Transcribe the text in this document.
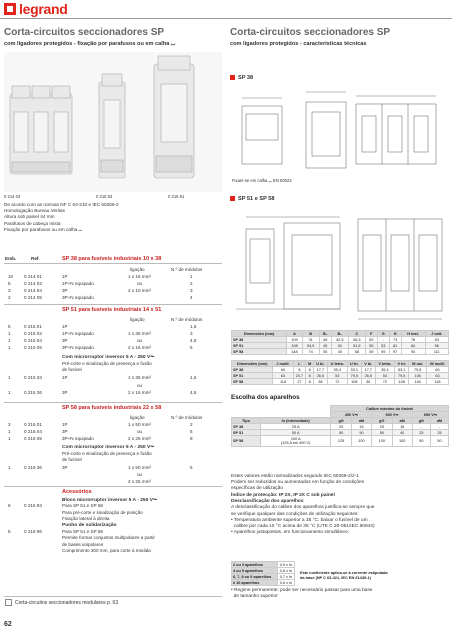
legrand
Corta-circuitos seccionadores SP
com ligadores protegidos - fixação por parafusos ou em calha ⌴
Corta-circuitos seccionadores SP
com ligadores protegidos - características técnicas
0 214 04	0 215 53	0 216 81
De acordo com as normas NF C 63-210 e IEC 60269-2
Homologação Bureau Veritas
Altura sob painel 44 mm
Parafusos de cabeça mista
Fixação por parafusos ou em calha ⌴
Emb.	Ref.	SP 38 para fusíveis industriais 10 x 38
ligação	N.º de módulos
10 0 214 01	1P	1 x 16 mm²	1
5	0 214 02	1P+N equipado	ou	2
3	0 214 04	3P	2 x 10 mm²	3
2	0 214 05	3P+N equipado	4
SP 51 para fusíveis industriais 14 x 51
ligação	N.º de módulos
5	0 215 01	1P	1,5
1	0 215 02	1P+N equipado	1 x 35 mm²	3
1	0 215 04	3P	ou	4,5
1	0 215 05	3P+N equipado	2 x 16 mm²	6
Com microrruptor inversor 5 A - 250 V⏦
Pré-corte e sinalização de presença e fusão
de fusível
1	0 215 33	1P	1 x 35 mm²	1,5
ou
1	0 215 36	3P	2 x 16 mm²	4,5
SP 58 para fusíveis industriais 22 x 58
ligação	N.º de módulos
3	0 216 01	1P	1 x 50 mm²	2
1	0 216 04	3P	ou	6
1	0 216 05	3P+N equipado	2 x 25 mm²	8
Com microrruptor inversor 5 A - 250 V⏦
Pré-corte e sinalização de presença e fusão
de fusível
1	0 216 36	3P	1 x 50 mm²	6
ou
2 x 25 mm²
Acessórios
Bloco microrruptor inversor 5 A - 250 V⏦
6	0 216 93	Para SP 51 e SP 58
Para pré-corte e sinalização de posição
Fixação lateral à direita
Punho de solidarização
5	0 216 96	Para SP 51 e SP 58
Permite formar conjuntos multipolares a partir
de bases unipolares
Comprimento 300 mm, para corte à medida
Corta-circuitos seccionadores modulares p. 63
62
SP 38
Fixam-se em calha ⌴ EN 50022
SP 51 e SP 58
Dimensões (mm)	A	B	B₁	B₂	C	F	G	H	H inst.	J unit.
SP 38	109	31	46	42,5	46,3	52	-	73	78	63
SP 51	108	54,5	45	30	51,5	55	53	81	84	56
SP 58	148	74	55	45	68	59	59	97	90	111
Dimensões (mm)	J multi.	L	M	U bi.	U tetra.	U tri.	V bi.	V tetra.	V tri.	W uni.	W multi.
SP 38	60	8	6	17,7	35,4	53,1	17,7	35,4	53,1	70,8	60
SP 51	63	20,7	8	26,5	53	79,5	26,5	53	79,5	106	63
SP 58	118	27	8	38	72	108	36	72	108	144	118
Escolha dos aparelhos
		Calibre máximo do fusível					
		400 V⏦		500 V⏦		690 V⏦	
Tipo	In (intensidade)	gG	aM	gG	aM	gG	aM
SP 38	25 A	25	16	25	16	-	-
SP 51	50 A	50	50	50	40	25	25
SP 58	100 A
(125 A em 400 V)	125	100	100	100	50	50
Estes valores estão normalizados segundo IEC 60269-2/2-1
Podem ser reduzidos ou aumentados em função de condições
específicas de utilização
Índice de protecção: IP 2X, IP 2X C sob painel
Desclassificação dos aparelhos
A desclassificação do calibre dos aparelhos justifica-se sempre que
se verifique qualquer das condições de utilização seguintes:
• Temperatura ambiente superior a 35 °C: baixar o fusível de um
calibre por cada 10 °C acima de 35 °C (UTE C 20-051/IEC 60943)
• Aparelhos justapostos, em funcionamento simultâneo:
2 ou 3 aparelhos	0,9 x In
4 ou 5 aparelhos	0,8 x In
6, 7, 8 ou 9 aparelhos	0,7 x In
≥ 10 aparelhos	0,6 x In
Este coeficiente aplica-se à corrente estipulada
da base (NF C 63-421, IEC EN 61439-1)
• Regime permanente: pode ser necessário passar para uma base
de tamanho superior
